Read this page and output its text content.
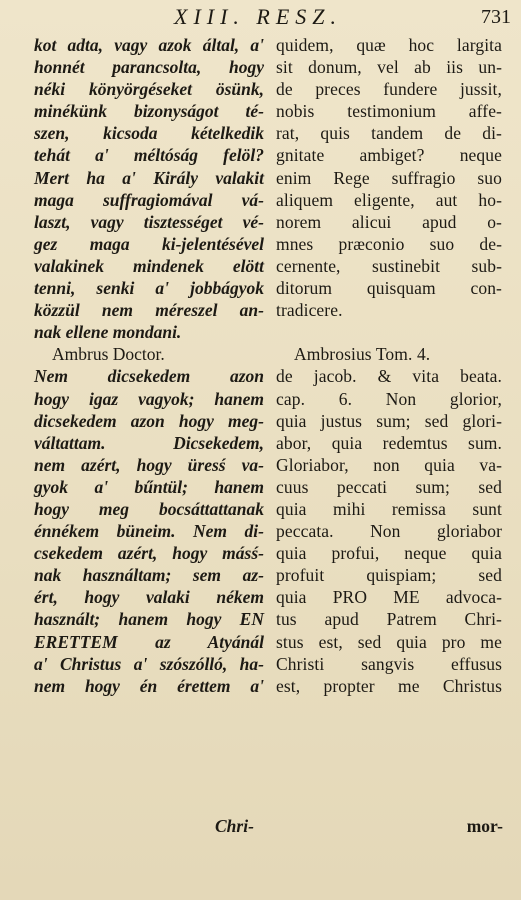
XIII. RESZ.	731
kot adta, vagy azok által, a'
honnét parancsolta, hogy
néki könyörgéseket ösünk,
minékünk bizonyságot té-
szen, kicsoda kételkedik
tehát a' méltóság felöl?
Mert ha a' Király valakit
maga suffragiomával vá-
laszt, vagy tisztességet vé-
gez maga ki-jelentésével
valakinek mindenek elött
tenni, senki a' jobbágyok
közzül nem méreszel an-
nak ellene mondani.
Ambrus Doctor.
Nem dicsekedem azon
hogy igaz vagyok; hanem
dicsekedem azon hogy meg-
váltattam. Dicsekedem,
nem azért, hogy üresś va-
gyok a' bűntül; hanem
hogy meg bocsáttattanak
énnékem büneim. Nem di-
csekedem azért, hogy másś-
nak használtam; sem az-
ért, hogy valaki nékem
használt; hanem hogy EN
ERETTEM az Atyánál
a' Christus a' szószólló, ha-
nem hogy én érettem a'
quidem, quæ hoc largita
sit donum, vel ab iis un-
de preces fundere jussit,
nobis testimonium affe-
rat, quis tandem de di-
gnitate ambiget? neque
enim Rege suffragio suo
aliquem eligente, aut ho-
norem alicui apud o-
mnes præconio suo de-
cernente, sustinebit sub-
ditorum quisquam con-
tradicere.
Ambrosius Tom. 4.
de jacob. & vita beata.
cap. 6. Non glorior,
quia justus sum; sed glori-
abor, quia redemtus sum.
Gloriabor, non quia va-
cuus peccati sum; sed
quia mihi remissa sunt
peccata. Non gloriabor
quia profui, neque quia
profuit quispiam; sed
quia PRO ME advoca-
tus apud Patrem Chri-
stus est, sed quia pro me
Christi sangvis effusus
est, propter me Christus
Chri-	mor-
